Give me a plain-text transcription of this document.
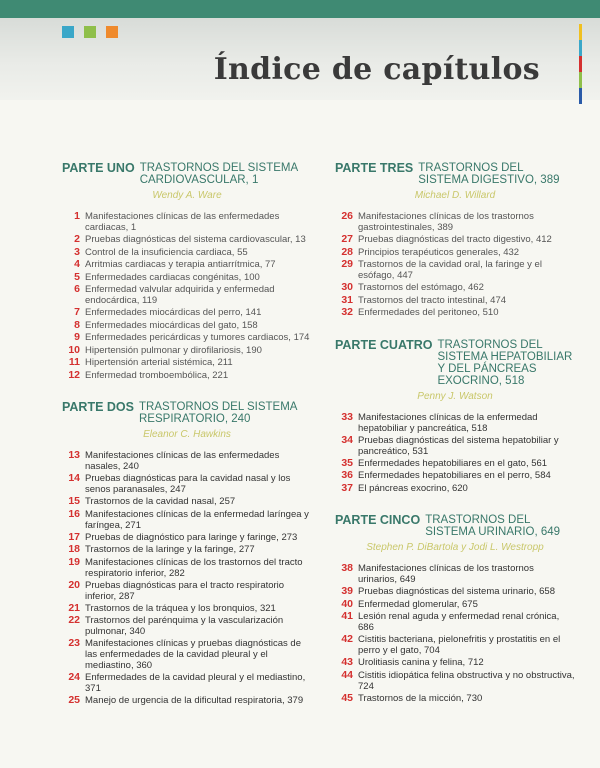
Índice de capítulos
PARTE UNO TRASTORNOS DEL SISTEMA CARDIOVASCULAR, 1
Wendy A. Ware
1 Manifestaciones clínicas de las enfermedades cardiacas, 1
2 Pruebas diagnósticas del sistema cardiovascular, 13
3 Control de la insuficiencia cardiaca, 55
4 Arritmias cardiacas y terapia antiarrítmica, 77
5 Enfermedades cardiacas congénitas, 100
6 Enfermedad valvular adquirida y enfermedad endocárdica, 119
7 Enfermedades miocárdicas del perro, 141
8 Enfermedades miocárdicas del gato, 158
9 Enfermedades pericárdicas y tumores cardiacos, 174
10 Hipertensión pulmonar y dirofilariosis, 190
11 Hipertensión arterial sistémica, 211
12 Enfermedad tromboembólica, 221
PARTE DOS TRASTORNOS DEL SISTEMA RESPIRATORIO, 240
Eleanor C. Hawkins
13 Manifestaciones clínicas de las enfermedades nasales, 240
14 Pruebas diagnósticas para la cavidad nasal y los senos paranasales, 247
15 Trastornos de la cavidad nasal, 257
16 Manifestaciones clínicas de la enfermedad laríngea y faríngea, 271
17 Pruebas de diagnóstico para laringe y faringe, 273
18 Trastornos de la laringe y la faringe, 277
19 Manifestaciones clínicas de los trastornos del tracto respiratorio inferior, 282
20 Pruebas diagnósticas para el tracto respiratorio inferior, 287
21 Trastornos de la tráquea y los bronquios, 321
22 Trastornos del parénquima y la vascularización pulmonar, 340
23 Manifestaciones clínicas y pruebas diagnósticas de las enfermedades de la cavidad pleural y el mediastino, 360
24 Enfermedades de la cavidad pleural y el mediastino, 371
25 Manejo de urgencia de la dificultad respiratoria, 379
PARTE TRES TRASTORNOS DEL SISTEMA DIGESTIVO, 389
Michael D. Willard
26 Manifestaciones clínicas de los trastornos gastrointestinales, 389
27 Pruebas diagnósticas del tracto digestivo, 412
28 Principios terapéuticos generales, 432
29 Trastornos de la cavidad oral, la faringe y el esófago, 447
30 Trastornos del estómago, 462
31 Trastornos del tracto intestinal, 474
32 Enfermedades del peritoneo, 510
PARTE CUATRO TRASTORNOS DEL SISTEMA HEPATOBILIAR Y DEL PÁNCREAS EXOCRINO, 518
Penny J. Watson
33 Manifestaciones clínicas de la enfermedad hepatobiliar y pancreática, 518
34 Pruebas diagnósticas del sistema hepatobiliar y pancreático, 531
35 Enfermedades hepatobiliares en el gato, 561
36 Enfermedades hepatobiliares en el perro, 584
37 El páncreas exocrino, 620
PARTE CINCO TRASTORNOS DEL SISTEMA URINARIO, 649
Stephen P. DiBartola y Jodi L. Westropp
38 Manifestaciones clínicas de los trastornos urinarios, 649
39 Pruebas diagnósticas del sistema urinario, 658
40 Enfermedad glomerular, 675
41 Lesión renal aguda y enfermedad renal crónica, 686
42 Cistitis bacteriana, pielonefritis y prostatitis en el perro y el gato, 704
43 Urolitiasis canina y felina, 712
44 Cistitis idiopática felina obstructiva y no obstructiva, 724
45 Trastornos de la micción, 730
